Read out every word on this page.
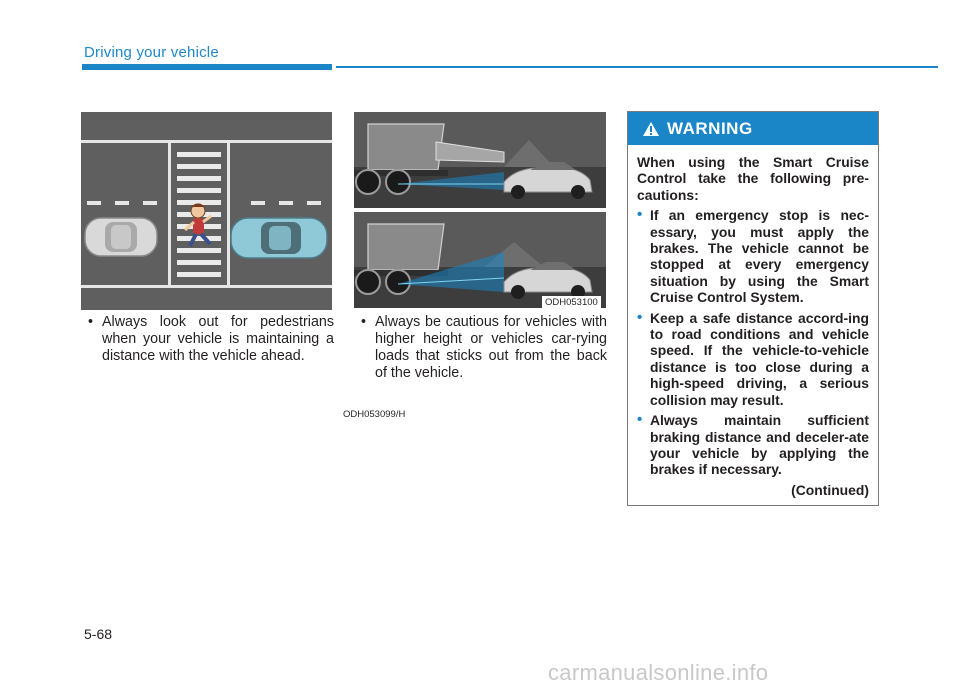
Driving your vehicle
ODH053099/H
ODH053100
• Always look out for pedestrians when your vehicle is maintaining a distance with the vehicle ahead.

• Always be cautious for vehicles with higher height or vehicles car-rying loads that sticks out from the back of the vehicle.

WARNING

When using the Smart Cruise Control take the following pre-cautions:

• If an emergency stop is nec-essary, you must apply the brakes. The vehicle cannot be stopped at every emergency situation by using the Smart Cruise Control System.
• Keep a safe distance accord-ing to road conditions and vehicle speed. If the vehicle-to-vehicle distance is too close during a high-speed driving, a serious collision may result.
• Always maintain sufficient braking distance and deceler-ate your vehicle by applying the brakes if necessary.

(Continued)

5-68
carmanualsonline.info
